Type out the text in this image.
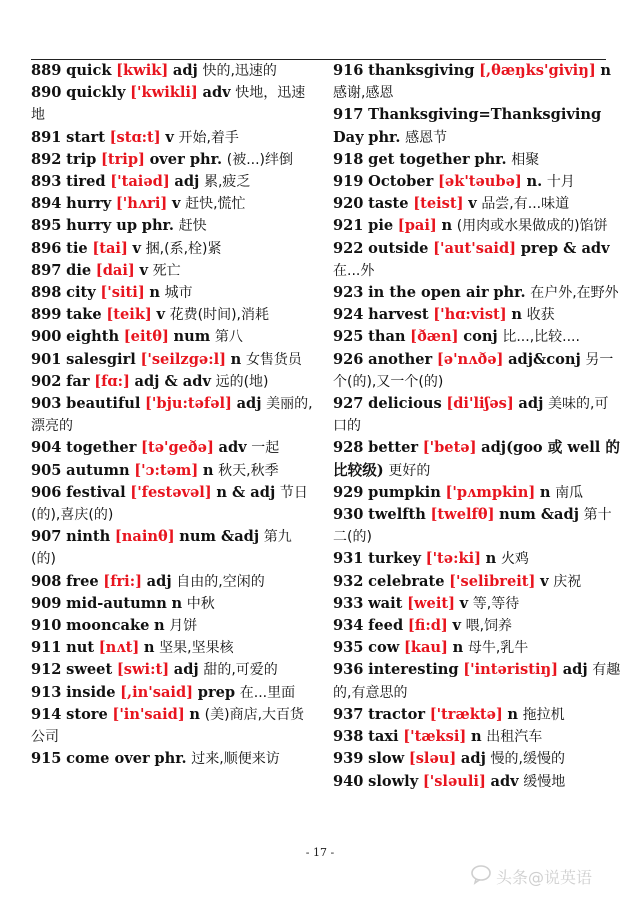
889 quick [kwik] adj 快的,迅速的
890 quickly ['kwikli] adv 快地，迅速地
891 start [stɑ:t] v 开始,着手
892 trip [trip] over phr. (被...)绊倒
893 tired ['taiəd] adj 累,疲乏
894 hurry ['hʌri] v 赶快,慌忙
895 hurry up phr. 赶快
896 tie [tai] v 捆,(系,栓)紧
897 die [dai] v 死亡
898 city ['siti] n 城市
899 take [teik] v 花费(时间),消耗
900 eighth [eitθ] num 第八
901 salesgirl ['seilzgə:l] n 女售货员
902 far [fɑ:] adj & adv 远的(地)
903 beautiful ['bju:təfəl] adj 美丽的,漂亮的
904 together [tə'geðə] adv 一起
905 autumn ['ɔ:təm] n 秋天,秋季
906 festival ['festəvəl] n & adj 节日(的),喜庆(的)
907 ninth [nainθ] num &adj 第九(的)
908 free [fri:] adj 自由的,空闲的
909 mid-autumn n 中秋
910 mooncake n 月饼
911 nut [nʌt] n 坚果,坚果核
912 sweet [swi:t] adj 甜的,可爱的
913 inside [,in'said] prep 在...里面
914 store ['in'said] n (美)商店,大百货公司
915 come over phr. 过来,顺便来访
916 thanksgiving [,θæŋks'giviŋ] n 感谢,感恩
917 Thanksgiving=Thanksgiving Day phr. 感恩节
918 get together phr. 相聚
919 October [ək'təubə] n. 十月
920 taste [teist] v 品尝,有...味道
921 pie [pai] n (用肉或水果做成的)馅饼
922 outside ['aut'said] prep & adv 在...外
923 in the open air phr. 在户外,在野外
924 harvest ['hɑ:vist] n 收获
925 than [ðæn] conj 比...,比较....
926 another [ə'nʌðə] adj&conj 另一个(的),又一个(的)
927 delicious [di'liʃəs] adj 美味的,可口的
928 better ['betə] adj(goo 或 well 的比较级) 更好的
929 pumpkin ['pʌmpkin] n 南瓜
930 twelfth [twelfθ] num &adj 第十二(的)
931 turkey ['tə:ki] n 火鸡
932 celebrate ['selibreit] v 庆祝
933 wait [weit] v 等,等待
934 feed [fi:d] v 喂,饲养
935 cow [kau] n 母牛,乳牛
936 interesting ['intəristiŋ] adj 有趣的,有意思的
937 tractor ['træktə] n 拖拉机
938 taxi ['tæksi] n 出租汽车
939 slow [sləu] adj 慢的,缓慢的
940 slowly ['sləuli] adv 缓慢地
- 17 -
头条@说英语
